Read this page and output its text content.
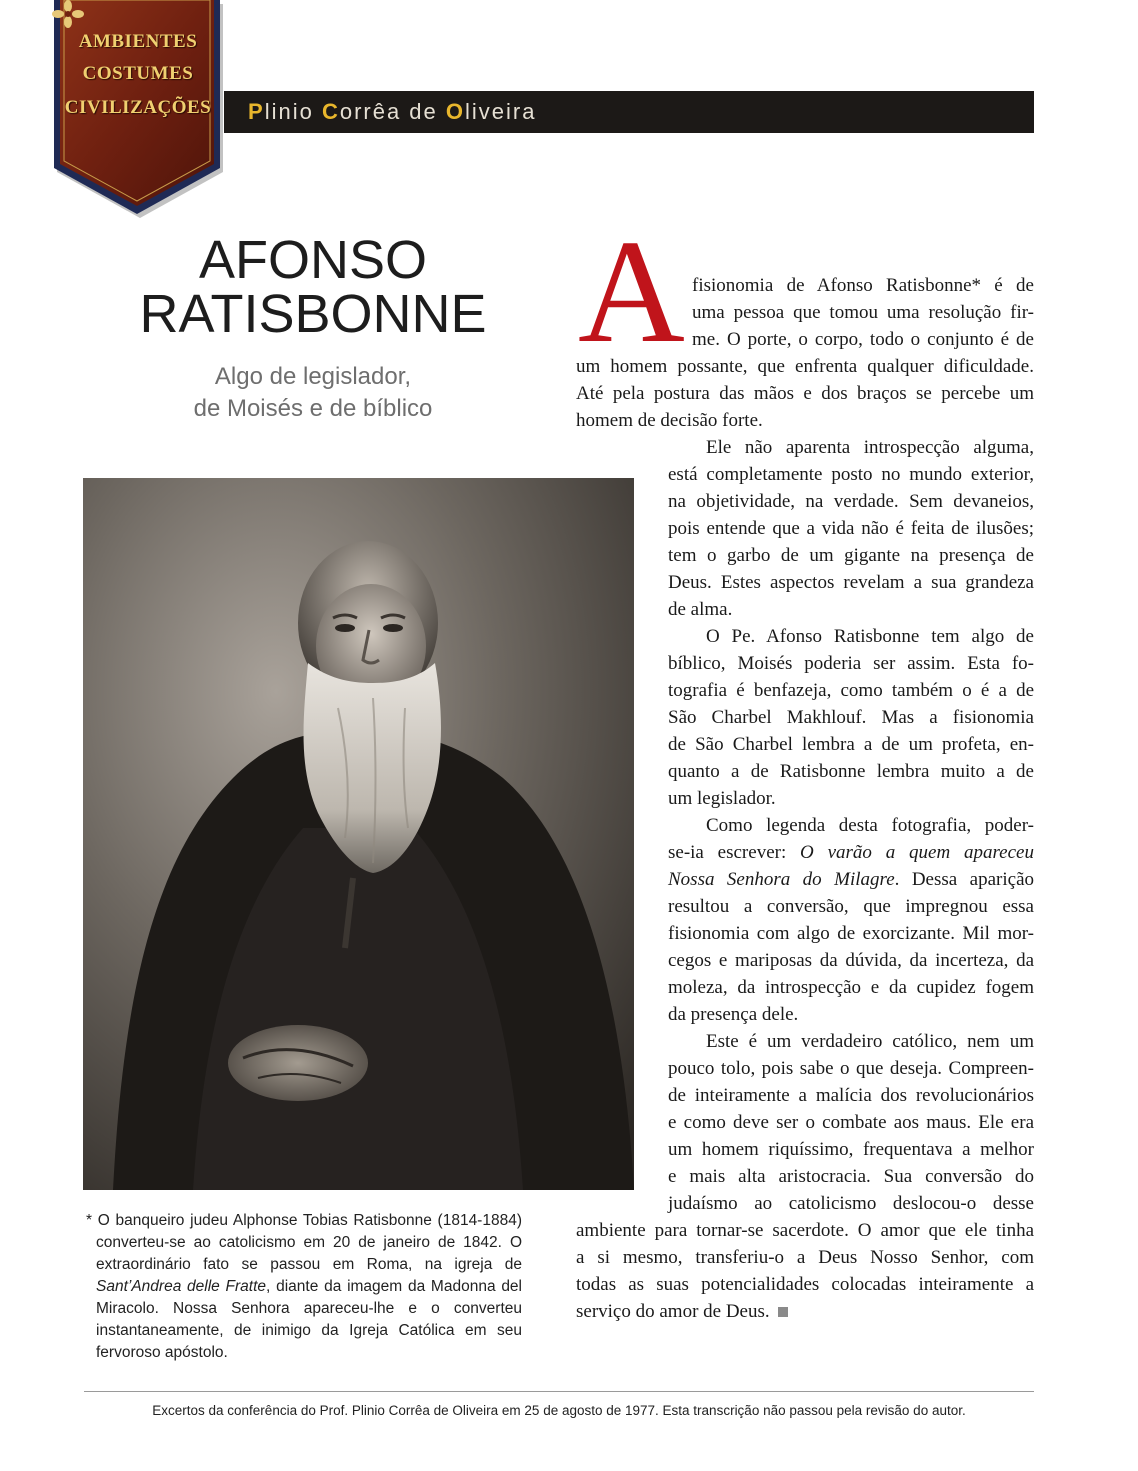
AMBIENTES
COSTUMES
CIVILIZAÇÕES	Plinio Corrêa de Oliveira
AFONSO
RATISBONNE
Algo de legislador,
de Moisés e de bíblico
* O banqueiro judeu Alphonse Tobias Ratisbonne (1814-1884) converteu-se ao catolicismo em 20 de janeiro de 1842. O extraordinário fato se passou em Roma, na igreja de Sant’Andrea delle Fratte, diante da imagem da Madonna del Miracolo. Nossa Senhora apareceu-lhe e o converteu instantaneamente, de inimigo da Igreja Católica em seu fervoroso apóstolo.
A fisionomia de Afonso Ratisbonne* é de
uma pessoa que tomou uma resolução fir-
me. O porte, o corpo, todo o conjunto é de
um homem possante, que enfrenta qualquer dificuldade.
Até pela postura das mãos e dos braços se percebe um
homem de decisão forte.
Ele não aparenta introspecção alguma,
está completamente posto no mundo exterior,
na objetividade, na verdade. Sem devaneios,
pois entende que a vida não é feita de ilusões;
tem o garbo de um gigante na presença de
Deus. Estes aspectos revelam a sua grandeza
de alma.
O Pe. Afonso Ratisbonne tem algo de
bíblico, Moisés poderia ser assim. Esta fo-
tografia é benfazeja, como também o é a de
São Charbel Makhlouf. Mas a fisionomia
de São Charbel lembra a de um profeta, en-
quanto a de Ratisbonne lembra muito a de
um legislador.
Como legenda desta fotografia, poder-
se-ia escrever: O varão a quem apareceu
Nossa Senhora do Milagre. Dessa aparição
resultou a conversão, que impregnou essa
fisionomia com algo de exorcizante. Mil mor-
cegos e mariposas da dúvida, da incerteza, da
moleza, da introspecção e da cupidez fogem
da presença dele.
Este é um verdadeiro católico, nem um
pouco tolo, pois sabe o que deseja. Compreen-
de inteiramente a malícia dos revolucionários
e como deve ser o combate aos maus. Ele era
um homem riquíssimo, frequentava a melhor
e mais alta aristocracia. Sua conversão do
judaísmo ao catolicismo deslocou-o desse
ambiente para tornar-se sacerdote. O amor que ele tinha
a si mesmo, transferiu-o a Deus Nosso Senhor, com
todas as suas potencialidades colocadas inteiramente a
serviço do amor de Deus.
Excertos da conferência do Prof. Plinio Corrêa de Oliveira em 25 de agosto de 1977. Esta transcrição não passou pela revisão do autor.
